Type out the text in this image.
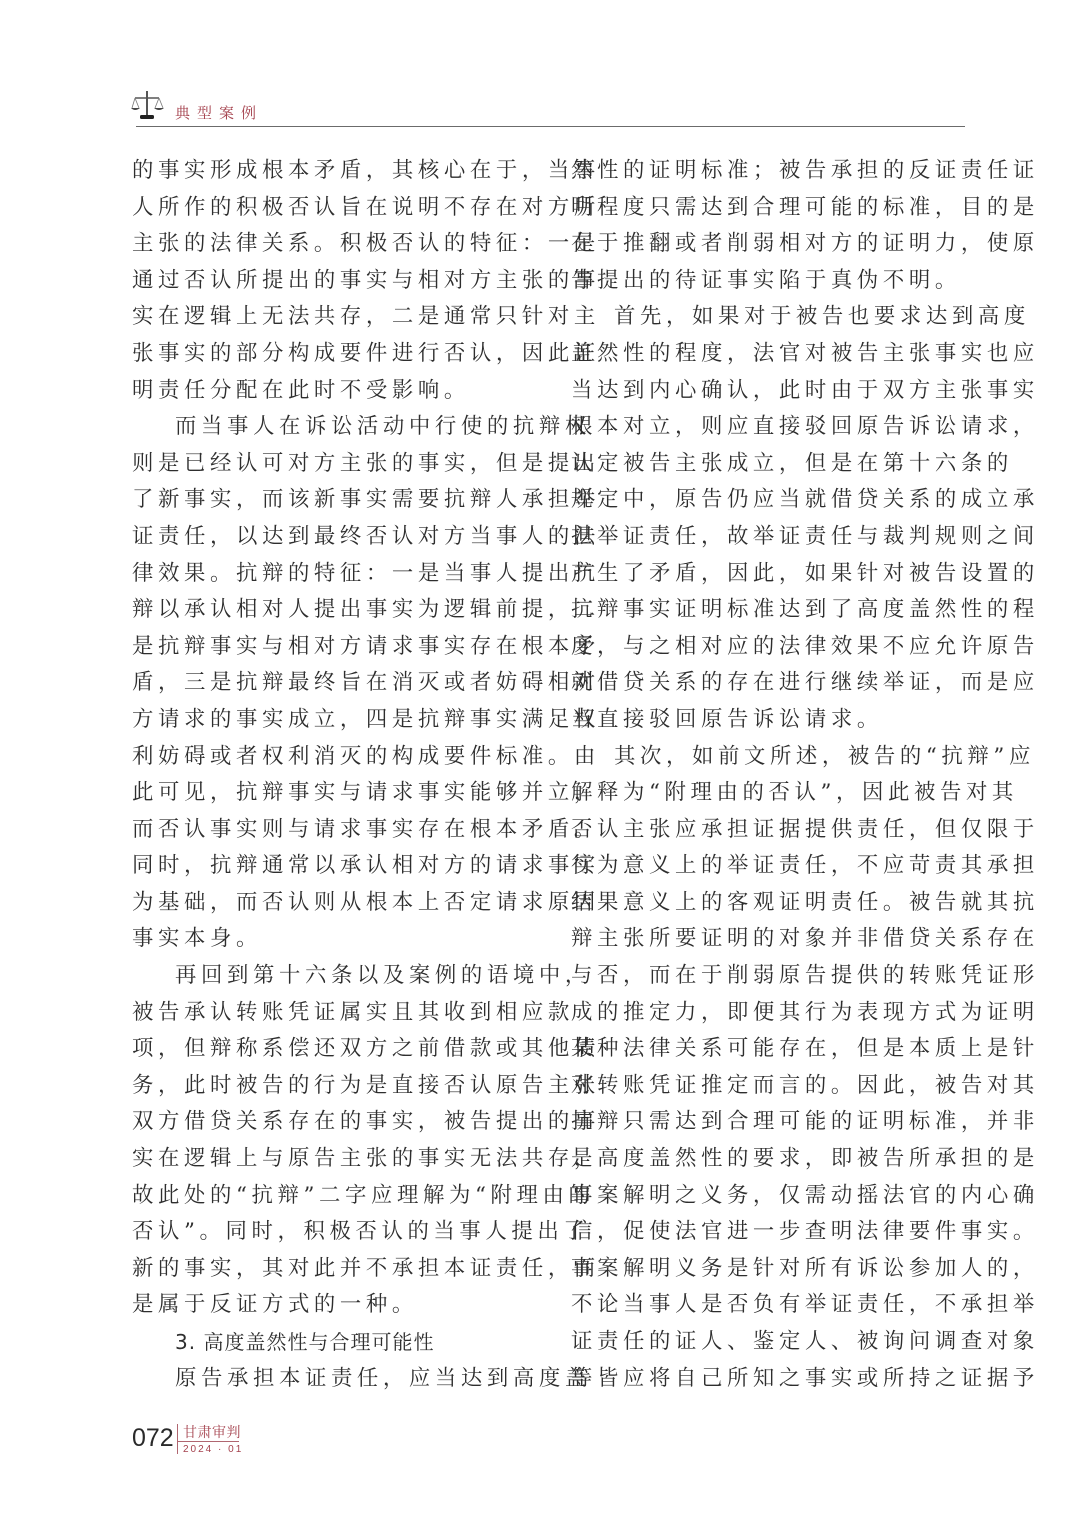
典型案例
的事实形成根本矛盾，其核心在于，当事
人所作的积极否认旨在说明不存在对方所
主张的法律关系。积极否认的特征：一是
通过否认所提出的事实与相对方主张的事
实在逻辑上无法共存，二是通常只针对主
张事实的部分构成要件进行否认，因此证
明责任分配在此时不受影响。
而当事人在诉讼活动中行使的抗辩权
则是已经认可对方主张的事实，但是提出
了新事实，而该新事实需要抗辩人承担举
证责任，以达到最终否认对方当事人的法
律效果。抗辩的特征：一是当事人提出抗
辩以承认相对人提出事实为逻辑前提，二
是抗辩事实与相对方请求事实存在根本矛
盾，三是抗辩最终旨在消灭或者妨碍相对
方请求的事实成立，四是抗辩事实满足权
利妨碍或者权利消灭的构成要件标准。由
此可见，抗辩事实与请求事实能够并立，
而否认事实则与请求事实存在根本矛盾。
同时，抗辩通常以承认相对方的请求事实
为基础，而否认则从根本上否定请求原因
事实本身。
再回到第十六条以及案例的语境中，
被告承认转账凭证属实且其收到相应款
项，但辩称系偿还双方之前借款或其他债
务，此时被告的行为是直接否认原告主张
双方借贷关系存在的事实，被告提出的事
实在逻辑上与原告主张的事实无法共存，
故此处的“抗辩”二字应理解为“附理由的
否认”。同时，积极否认的当事人提出了
新的事实，其对此并不承担本证责任，而
是属于反证方式的一种。
3. 高度盖然性与合理可能性
原告承担本证责任，应当达到高度盖
然性的证明标准；被告承担的反证责任证
明程度只需达到合理可能的标准，目的是
在于推翻或者削弱相对方的证明力，使原
告提出的待证事实陷于真伪不明。
首先，如果对于被告也要求达到高度
盖然性的程度，法官对被告主张事实也应
当达到内心确认，此时由于双方主张事实
根本对立，则应直接驳回原告诉讼请求，
认定被告主张成立，但是在第十六条的
规定中，原告仍应当就借贷关系的成立承
担举证责任，故举证责任与裁判规则之间
产生了矛盾，因此，如果针对被告设置的
抗辩事实证明标准达到了高度盖然性的程
度，与之相对应的法律效果不应允许原告
就借贷关系的存在进行继续举证，而是应
当直接驳回原告诉讼请求。
其次，如前文所述，被告的“抗辩”应
解释为“附理由的否认”，因此被告对其
否认主张应承担证据提供责任，但仅限于
行为意义上的举证责任，不应苛责其承担
结果意义上的客观证明责任。被告就其抗
辩主张所要证明的对象并非借贷关系存在
与否，而在于削弱原告提供的转账凭证形
成的推定力，即便其行为表现方式为证明
某种法律关系可能存在，但是本质上是针
对转账凭证推定而言的。因此，被告对其
抗辩只需达到合理可能的证明标准，并非
是高度盖然性的要求，即被告所承担的是
事案解明之义务，仅需动摇法官的内心确
信，促使法官进一步查明法律要件事实。
事案解明义务是针对所有诉讼参加人的，
不论当事人是否负有举证责任，不承担举
证责任的证人、鉴定人、被询问调查对象
等皆应将自己所知之事实或所持之证据予
072 甘肃审判
2024 · 01
